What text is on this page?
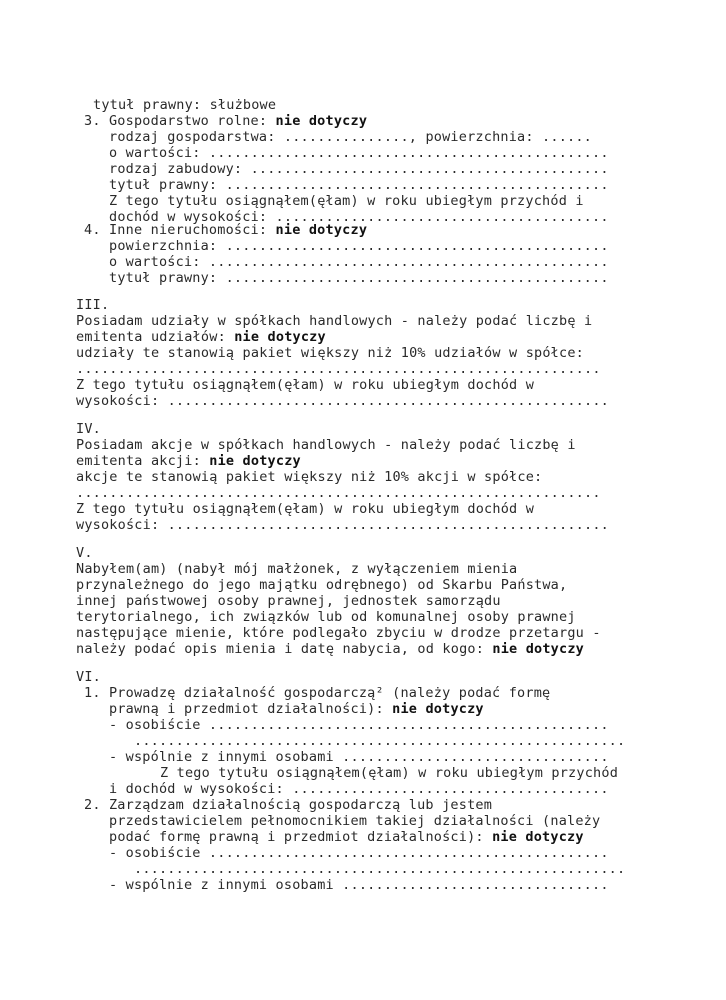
tytuł prawny: służbowe
3. Gospodarstwo rolne: nie dotyczy
rodzaj gospodarstwa: ..............., powierzchnia: ......
o wartości: ................................................
rodzaj zabudowy: ...........................................
tytuł prawny: ..............................................
Z tego tytułu osiągnąłem(ęłam) w roku ubiegłym przychód i
dochód w wysokości: ........................................
4. Inne nieruchomości: nie dotyczy
powierzchnia: ..............................................
o wartości: ................................................
tytuł prawny: ..............................................
III.
Posiadam udziały w spółkach handlowych - należy podać liczbę i
emitenta udziałów: nie dotyczy
udziały te stanowią pakiet większy niż 10% udziałów w spółce:
...............................................................
Z tego tytułu osiągnąłem(ęłam) w roku ubiegłym dochód w
wysokości: .....................................................
IV.
Posiadam akcje w spółkach handlowych - należy podać liczbę i
emitenta akcji: nie dotyczy
akcje te stanowią pakiet większy niż 10% akcji w spółce:
...............................................................
Z tego tytułu osiągnąłem(ęłam) w roku ubiegłym dochód w
wysokości: .....................................................
V.
Nabyłem(am) (nabył mój małżonek, z wyłączeniem mienia
przynależnego do jego majątku odrębnego) od Skarbu Państwa,
innej państwowej osoby prawnej, jednostek samorządu
terytorialnego, ich związków lub od komunalnej osoby prawnej
następujące mienie, które podlegało zbyciu w drodze przetargu -
należy podać opis mienia i datę nabycia, od kogo: nie dotyczy
VI.
1. Prowadzę działalność gospodarczą² (należy podać formę
prawną i przedmiot działalności): nie dotyczy
- osobiście ................................................
...........................................................
- wspólnie z innymi osobami ................................
Z tego tytułu osiągnąłem(ęłam) w roku ubiegłym przychód
i dochód w wysokości: ......................................
2. Zarządzam działalnością gospodarczą lub jestem
przedstawicielem pełnomocnikiem takiej działalności (należy
podać formę prawną i przedmiot działalności): nie dotyczy
- osobiście ................................................
...........................................................
- wspólnie z innymi osobami ................................
